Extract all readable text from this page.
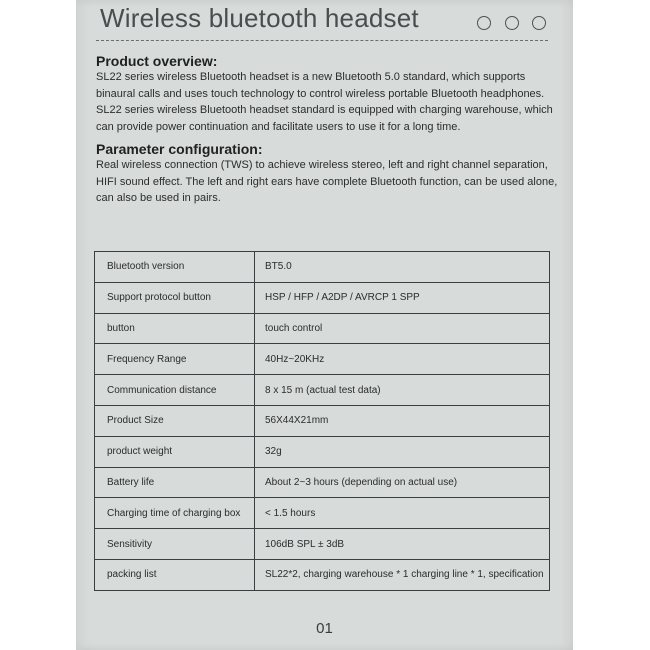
Wireless bluetooth headset
Product overview:

SL22 series wireless Bluetooth headset is a new Bluetooth 5.0 standard, which supports binaural calls and uses touch technology to control wireless portable Bluetooth headphones.

SL22 series wireless Bluetooth headset standard is equipped with charging warehouse, which can provide power continuation and facilitate users to use it for a long time.

Parameter configuration:

Real wireless connection (TWS) to achieve wireless stereo, left and right channel separation, HIFI sound effect. The left and right ears have complete Bluetooth function, can be used alone, can also be used in pairs.

Bluetooth version	BT5.0
Support protocol button	HSP / HFP / A2DP / AVRCP 1 SPP
button	touch control
Frequency Range	40Hz~20KHz
Communication distance	8 x 15 m (actual test data)
Product Size	56X44X21mm
product weight	32g
Battery life	About 2~3 hours (depending on actual use)
Charging time of charging box	< 1.5 hours
Sensitivity	106dB SPL ± 3dB
packing list	SL22*2, charging warehouse * 1 charging line * 1, specification
01
